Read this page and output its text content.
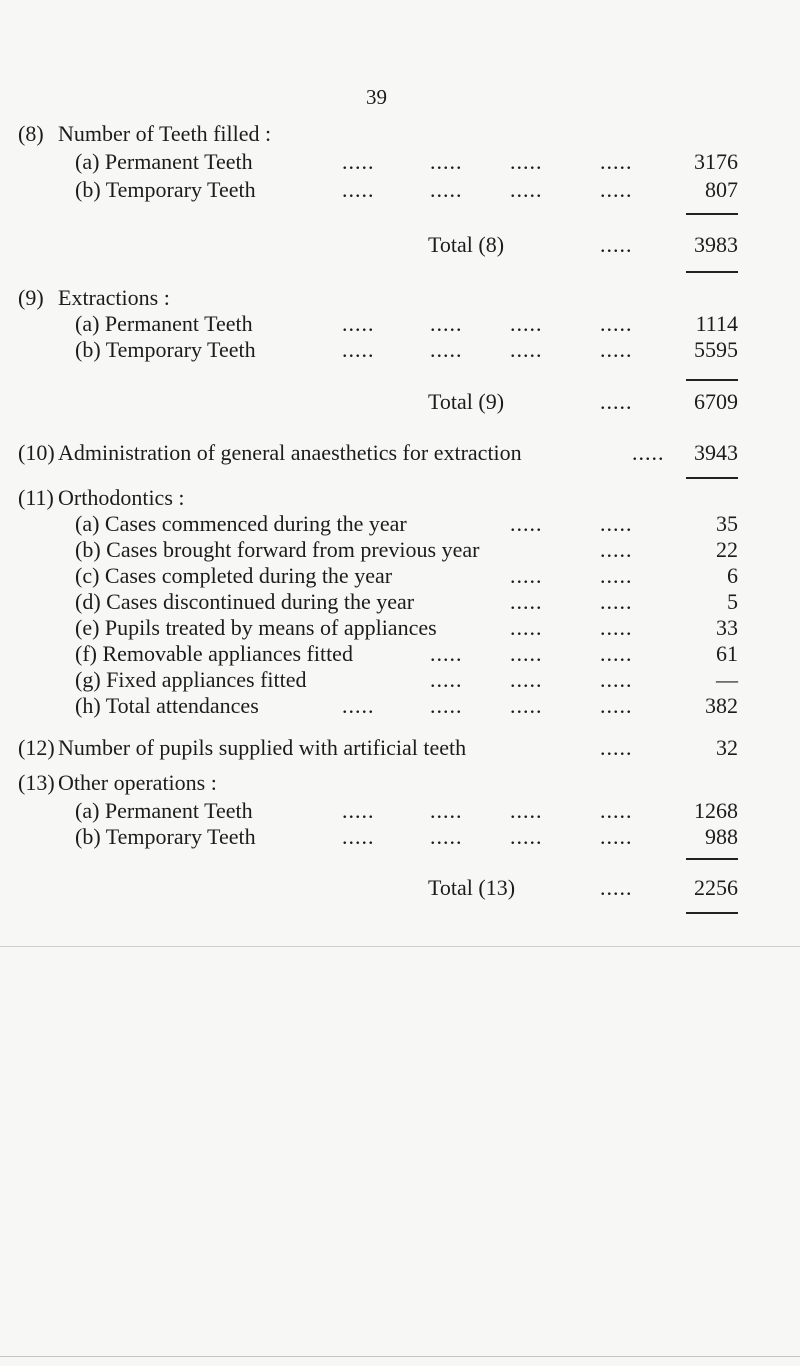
39
(8) Number of Teeth filled :
(a) Permanent Teeth	.....	..... .....	.....	3176
(b) Temporary Teeth	.....	..... .....	.....	807
Total (8)	.....	3983
(9) Extractions :
(a) Permanent Teeth	.....	..... .....	.....	1114
(b) Temporary Teeth	.....	..... .....	.....	5595
Total (9)	.....	6709
(10) Administration of general anaesthetics for extraction	..... 3943
(11) Orthodontics :
(a) Cases commenced during the year	.....	.....	35
(b) Cases brought forward from previous year	.....	22
(c) Cases completed during the year	.....	.....	6
(d) Cases discontinued during the year	.....	.....	5
(e) Pupils treated by means of appliances	.....	.....	33
(f) Removable appliances fitted	..... .....	.....	61
(g) Fixed appliances fitted	..... .....	.....	—
(h) Total attendances	.....	..... .....	.....	382
(12) Number of pupils supplied with artificial teeth	.....	32
(13) Other operations :
(a) Permanent Teeth	.....	..... .....	.....	1268
(b) Temporary Teeth	.....	..... .....	.....	988
Total (13)	.....	2256
